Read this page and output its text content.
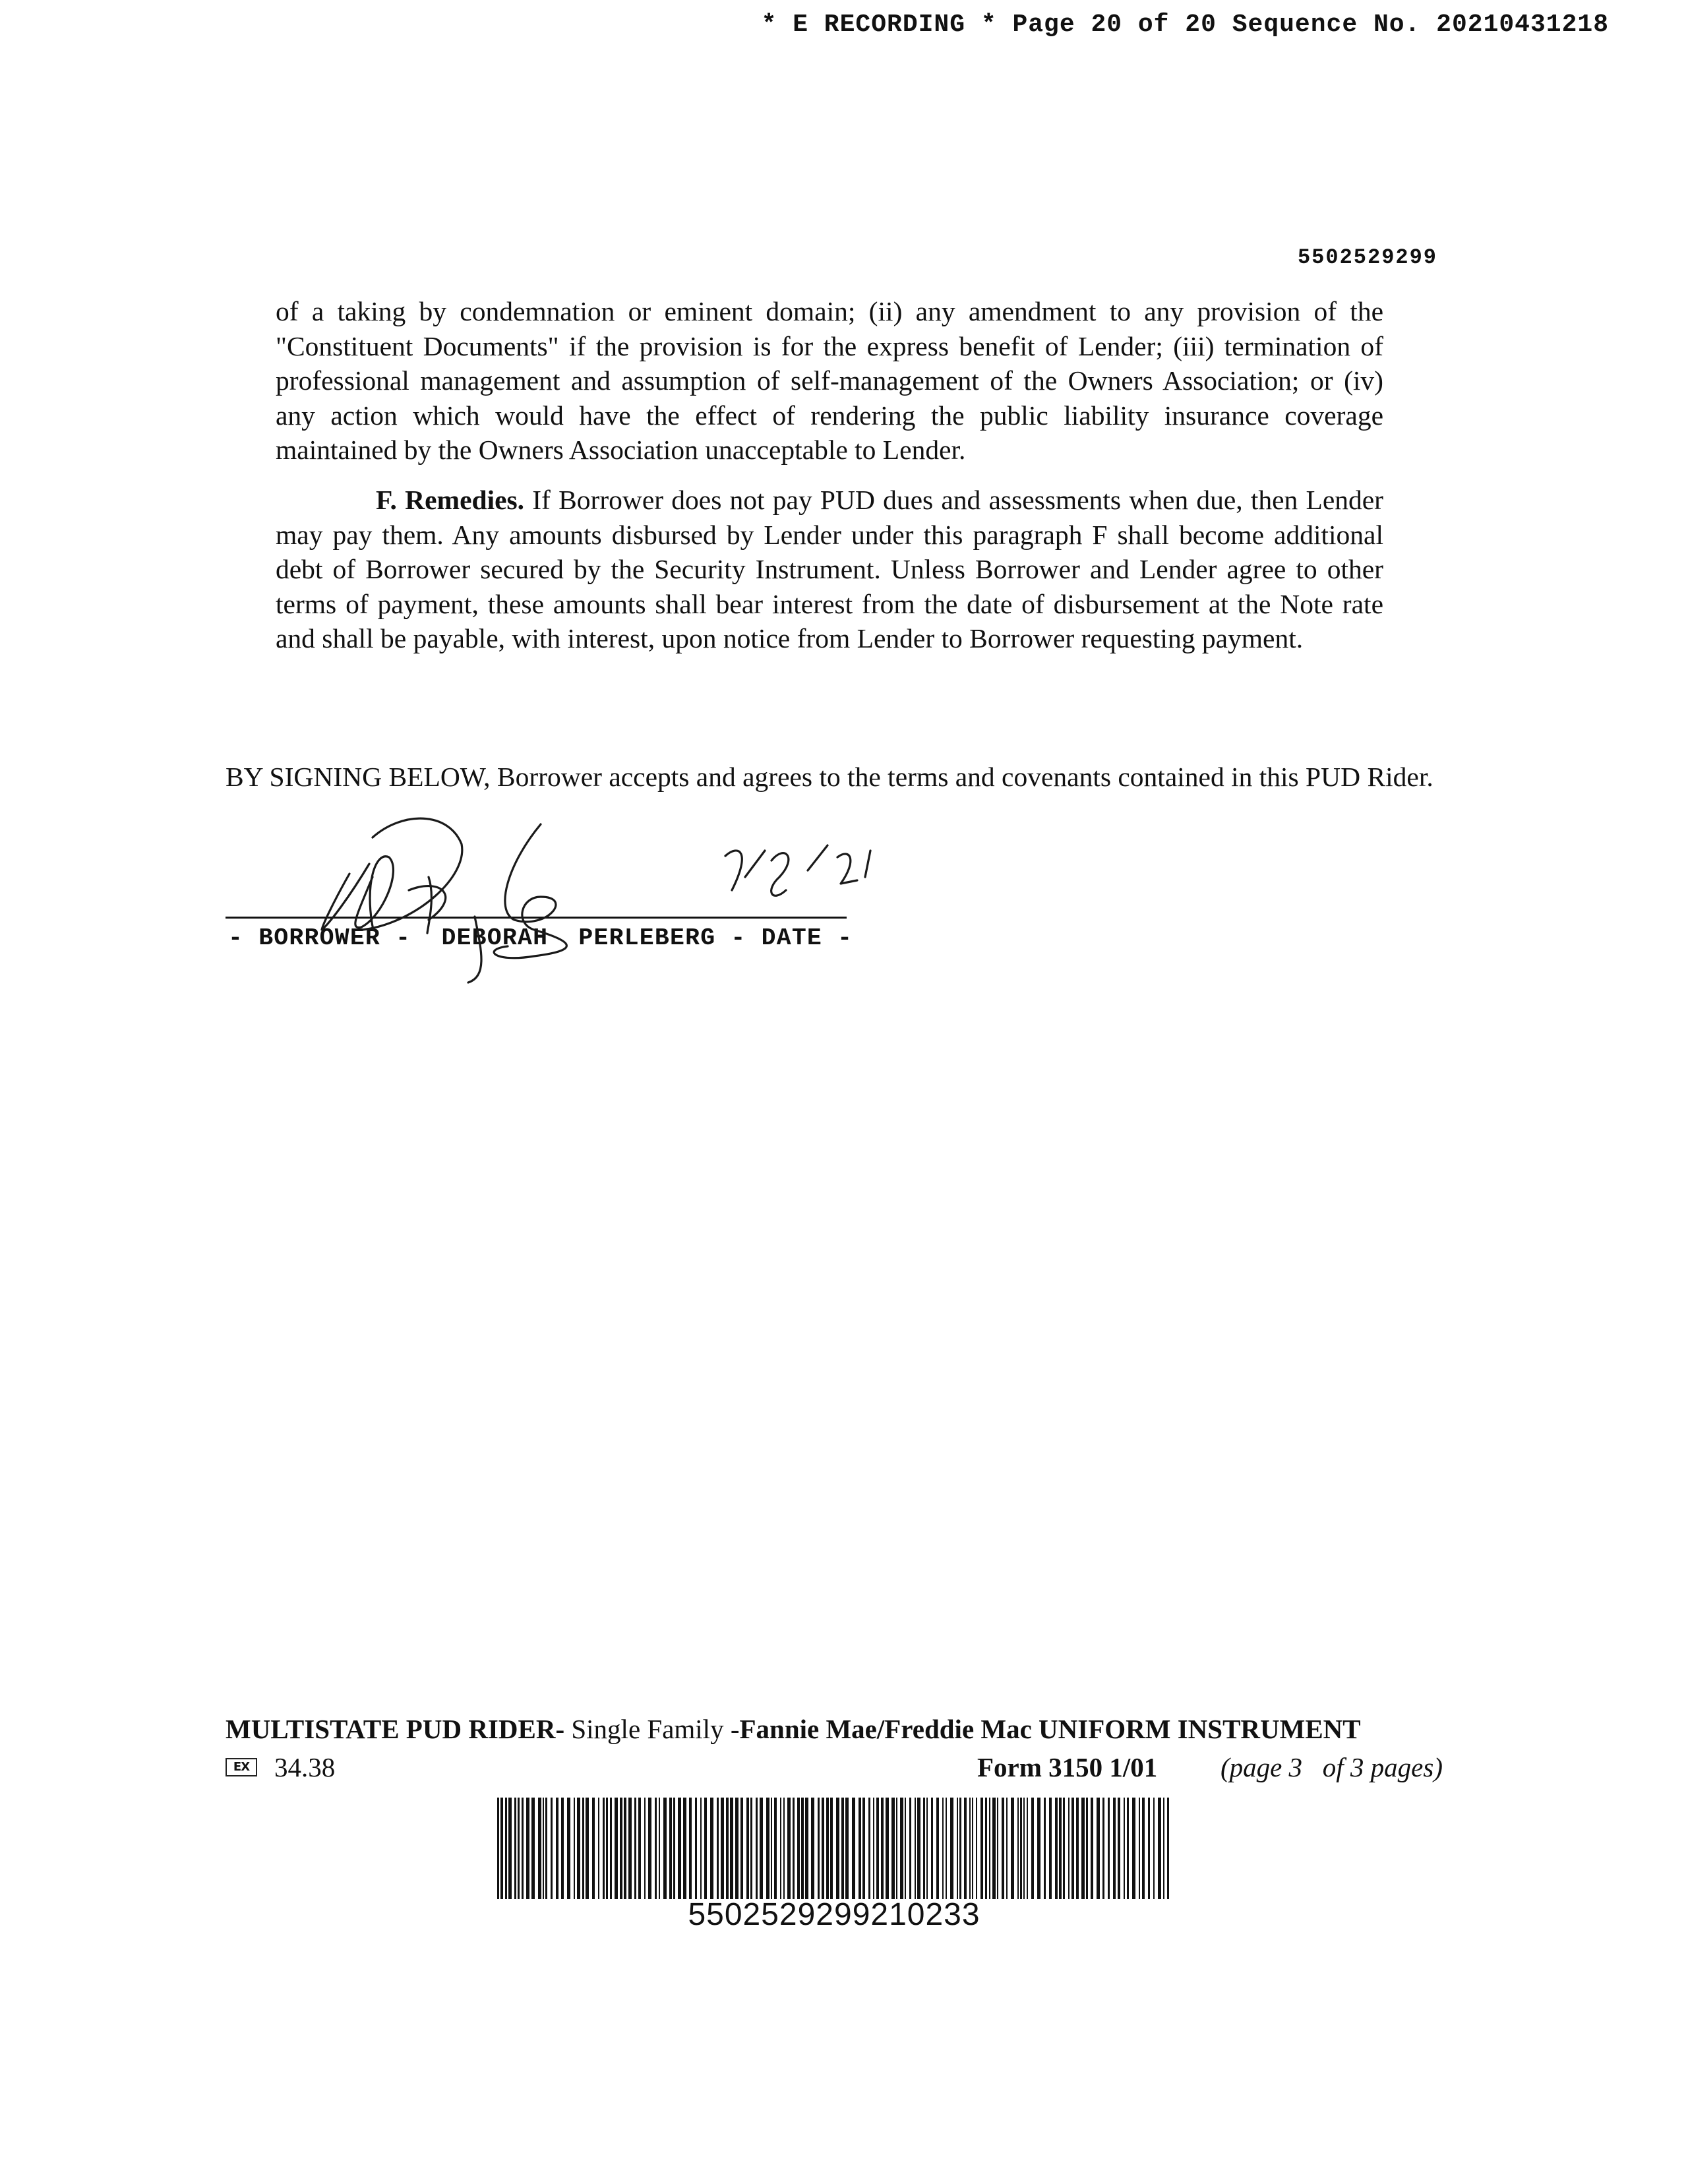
* E RECORDING * Page 20 of 20 Sequence No. 20210431218
5502529299

of a taking by condemnation or eminent domain; (ii) any amendment to any provision of the "Constituent Documents" if the provision is for the express benefit of Lender; (iii) termination of professional management and assumption of self-management of the Owners Association; or (iv) any action which would have the effect of rendering the public liability insurance coverage maintained by the Owners Association unacceptable to Lender.

F. Remedies. If Borrower does not pay PUD dues and assessments when due, then Lender may pay them. Any amounts disbursed by Lender under this paragraph F shall become additional debt of Borrower secured by the Security Instrument. Unless Borrower and Lender agree to other terms of payment, these amounts shall bear interest from the date of disbursement at the Note rate and shall be payable, with interest, upon notice from Lender to Borrower requesting payment.

BY SIGNING BELOW, Borrower accepts and agrees to the terms and covenants contained in this PUD Rider.
- BORROWER -  DEBORAH  PERLEBERG - DATE -
MULTISTATE PUD RIDER- Single Family -Fannie Mae/Freddie Mac UNIFORM INSTRUMENT
EX 34.38	Form 3150 1/01 (page 3   of 3 pages)
5502529299210233
